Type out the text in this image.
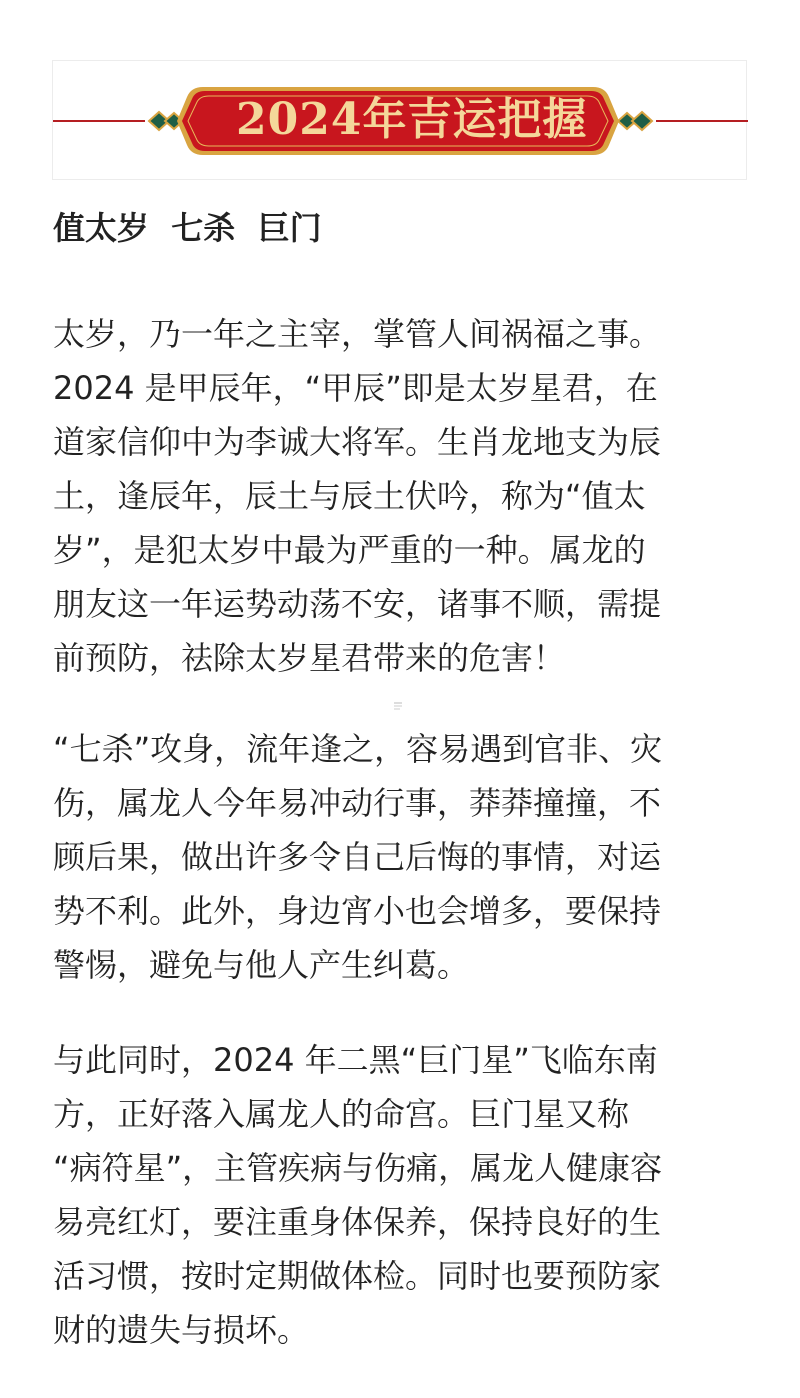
2024年吉运把握
值太岁  七杀  巨门
太岁，乃一年之主宰，掌管人间祸福之事。
2024 是甲辰年，“甲辰”即是太岁星君，在
道家信仰中为李诚大将军。生肖龙地支为辰
土，逢辰年，辰土与辰土伏吟，称为“值太
岁”，是犯太岁中最为严重的一种。属龙的
朋友这一年运势动荡不安，诸事不顺，需提
前预防，祛除太岁星君带来的危害！
“七杀”攻身，流年逢之，容易遇到官非、灾
伤，属龙人今年易冲动行事，莽莽撞撞，不
顾后果，做出许多令自己后悔的事情，对运
势不利。此外，身边宵小也会增多，要保持
警惕，避免与他人产生纠葛。
与此同时，2024 年二黑“巨门星”飞临东南
方，正好落入属龙人的命宫。巨门星又称
“病符星”，主管疾病与伤痛，属龙人健康容
易亮红灯，要注重身体保养，保持良好的生
活习惯，按时定期做体检。同时也要预防家
财的遗失与损坏。
